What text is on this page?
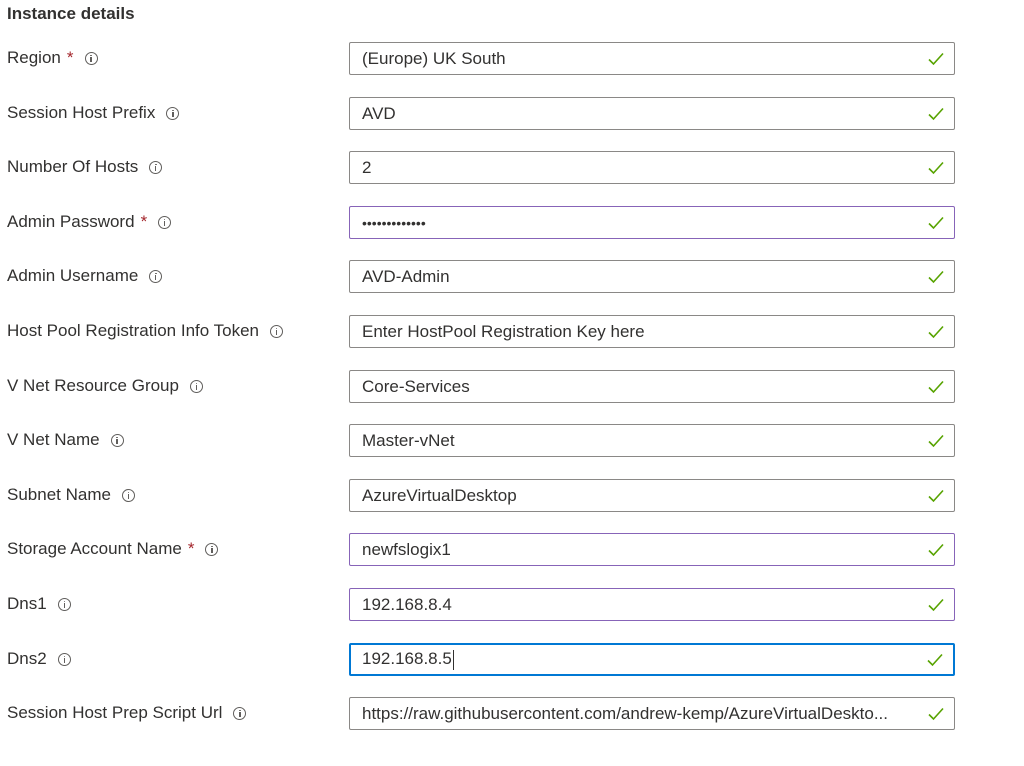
Instance details
Region *	(Europe) UK South
Session Host Prefix	AVD
Number Of Hosts	2
Admin Password *	•••••••••••••
Admin Username	AVD-Admin
Host Pool Registration Info Token	Enter HostPool Registration Key here
V Net Resource Group	Core-Services
V Net Name	Master-vNet
Subnet Name	AzureVirtualDesktop
Storage Account Name *	newfslogix1
Dns1	192.168.8.4
Dns2	192.168.8.5
Session Host Prep Script Url	https://raw.githubusercontent.com/andrew-kemp/AzureVirtualDeskto...
